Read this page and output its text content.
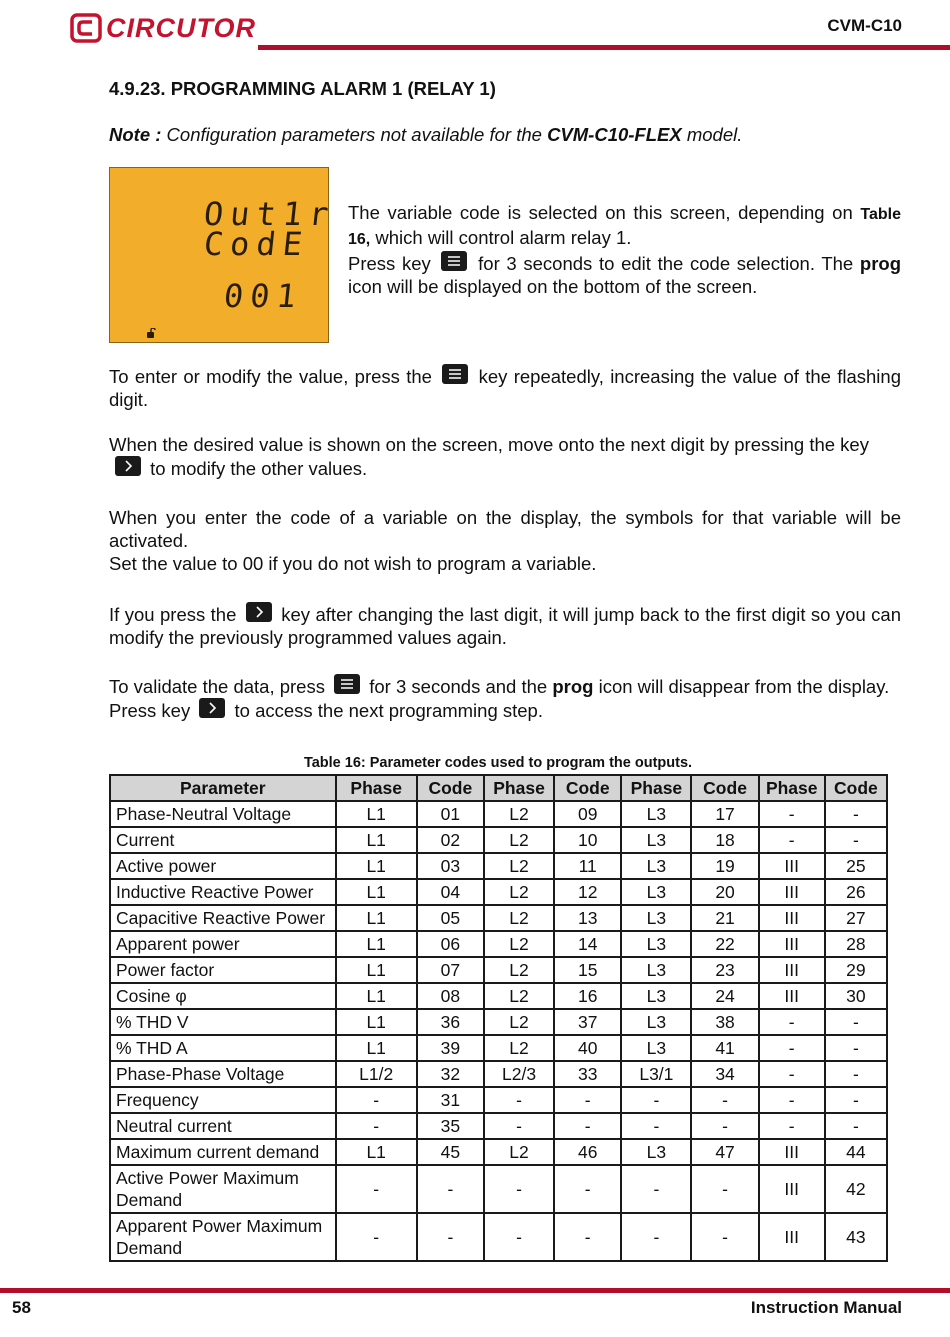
CIRCUTOR	CVM-C10
4.9.23. PROGRAMMING ALARM 1 (RELAY 1)
Note : Configuration parameters not available for the CVM-C10-FLEX model.
Out1r
CodE
001
The variable code is selected on this screen, depending on Table 16, which will control alarm relay 1.
Press key
for 3 seconds to edit the code selection. The prog icon will be displayed on the bottom of the screen.
To enter or modify the value, press the
key repeatedly, increasing the value of the flashing digit.
When the desired value is shown on the screen, move onto the next digit by pressing the key

to modify the other values.
When you enter the code of a variable on the display, the symbols for that variable will be activated.
Set the value to 00 if you do not wish to program a variable.
If you press the
key after changing the last digit, it will jump back to the first digit so you can modify the previously programmed values again.
To validate the data, press
for 3 seconds and the prog icon will disappear from the display.
Press key
to access the next programming step.
Table 16: Parameter codes used to program the outputs.
Parameter	Phase	Code	Phase	Code	Phase	Code	Phase	Code
Phase-Neutral Voltage	L1	01	L2	09	L3	17	-	-
Current	L1	02	L2	10	L3	18	-	-
Active power	L1	03	L2	11	L3	19	III	25
Inductive Reactive Power	L1	04	L2	12	L3	20	III	26
Capacitive Reactive Power	L1	05	L2	13	L3	21	III	27
Apparent power	L1	06	L2	14	L3	22	III	28
Power factor	L1	07	L2	15	L3	23	III	29
Cosine φ	L1	08	L2	16	L3	24	III	30
% THD V	L1	36	L2	37	L3	38	-	-
% THD A	L1	39	L2	40	L3	41	-	-
Phase-Phase Voltage	L1/2	32	L2/3	33	L3/1	34	-	-
Frequency	-	31	-	-	-	-	-	-
Neutral current	-	35	-	-	-	-	-	-
Maximum current demand	L1	45	L2	46	L3	47	III	44
Active Power Maximum Demand	-	-	-	-	-	-	III	42
Apparent Power Maximum Demand	-	-	-	-	-	-	III	43
58	Instruction Manual
